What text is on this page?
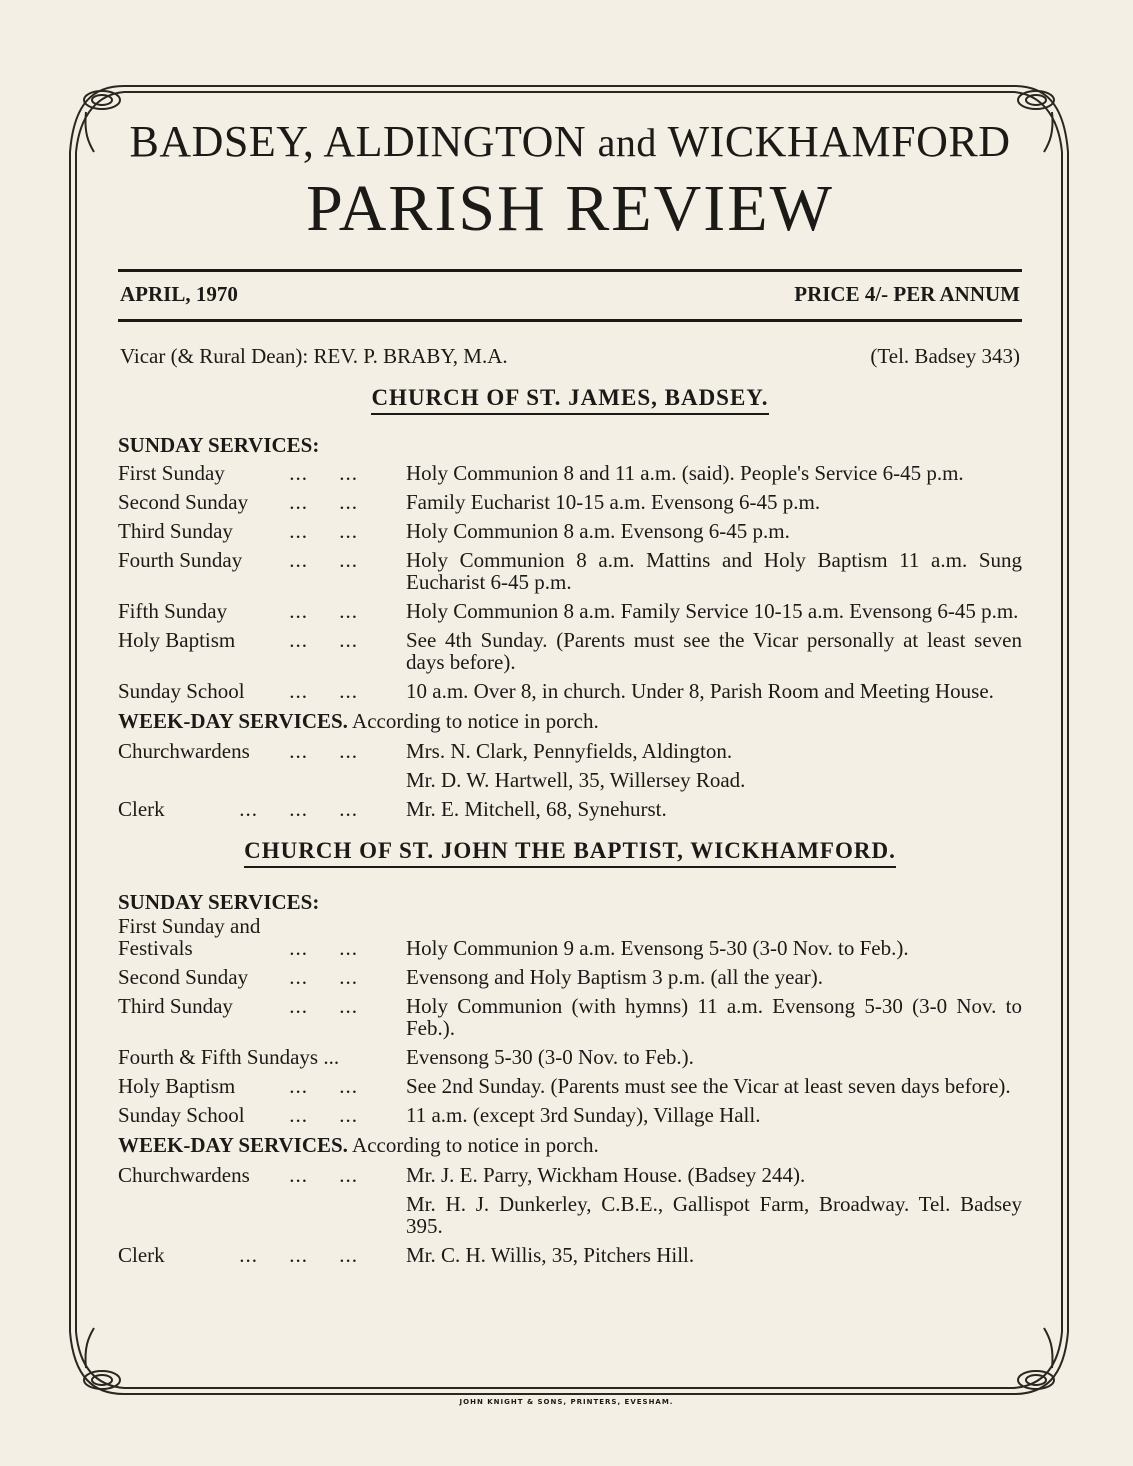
BADSEY, ALDINGTON and WICKHAMFORD
PARISH REVIEW
APRIL, 1970	PRICE 4/- PER ANNUM
Vicar (& Rural Dean): REV. P. BRABY, M.A.	(Tel. Badsey 343)
CHURCH OF ST. JAMES, BADSEY.
SUNDAY SERVICES:
First Sunday	...     ...	Holy Communion 8 and 11 a.m. (said). People's Service 6-45 p.m.
Second Sunday ...     ...	Family Eucharist 10-15 a.m. Evensong 6-45 p.m.
Third Sunday	...     ...	Holy Communion 8 a.m. Evensong 6-45 p.m.
Fourth Sunday ...     ...	Holy Communion 8 a.m. Mattins and Holy Baptism 11 a.m. Sung Eucharist 6-45 p.m.
Fifth Sunday	...     ...	Holy Communion 8 a.m. Family Service 10-15 a.m. Evensong 6-45 p.m.
Holy Baptism	...     ...	See 4th Sunday. (Parents must see the Vicar personally at least seven days before).
Sunday School ...     ...	10 a.m. Over 8, in church. Under 8, Parish Room and Meeting House.
WEEK-DAY SERVICES. According to notice in porch.
Churchwardens ...     ...	Mrs. N. Clark, Pennyfields, Aldington.
Mr. D. W. Hartwell, 35, Willersey Road.
Clerk	...     ...     ...	Mr. E. Mitchell, 68, Synehurst.
CHURCH OF ST. JOHN THE BAPTIST, WICKHAMFORD.
SUNDAY SERVICES:
First Sunday and
Festivals	...     ...	Holy Communion 9 a.m. Evensong 5-30 (3-0 Nov. to Feb.).
Second Sunday ...     ...	Evensong and Holy Baptism 3 p.m. (all the year).
Third Sunday	...     ...	Holy Communion (with hymns) 11 a.m. Evensong 5-30 (3-0 Nov. to Feb.).
Fourth & Fifth Sundays ...	Evensong 5-30 (3-0 Nov. to Feb.).
Holy Baptism	...     ...	See 2nd Sunday. (Parents must see the Vicar at least seven days before).
Sunday School ...     ...	11 a.m. (except 3rd Sunday), Village Hall.
WEEK-DAY SERVICES. According to notice in porch.
Churchwardens ...     ...	Mr. J. E. Parry, Wickham House. (Badsey 244).
Mr. H. J. Dunkerley, C.B.E., Gallispot Farm, Broadway. Tel. Badsey 395.
Clerk	...     ...     ...	Mr. C. H. Willis, 35, Pitchers Hill.
JOHN KNIGHT & SONS, PRINTERS, EVESHAM.
